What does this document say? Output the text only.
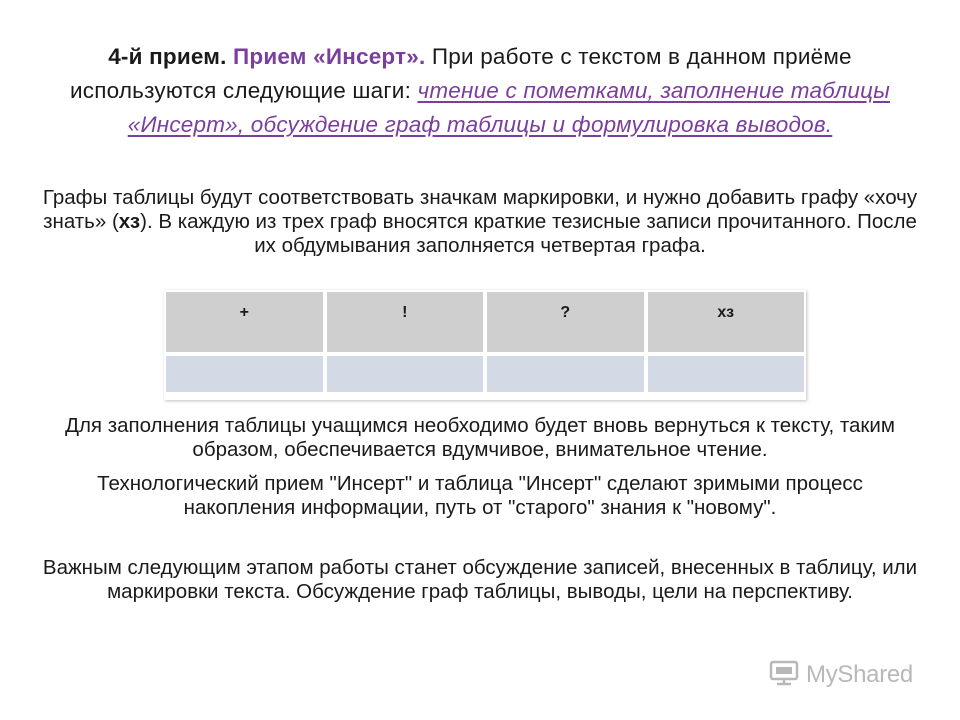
4-й прием. Прием «Инсерт». При работе с текстом в данном приёме используются следующие шаги: чтение с пометками, заполнение таблицы «Инсерт», обсуждение граф таблицы и формулировка выводов.
Графы таблицы будут соответствовать значкам маркировки, и нужно добавить графу «хочу знать» (хз). В каждую из трех граф вносятся краткие тезисные записи прочитанного. После их обдумывания заполняется четвертая графа.
+	!	?	хз

Для заполнения таблицы учащимся необходимо будет вновь вернуться к тексту, таким образом, обеспечивается вдумчивое, внимательное чтение.
Технологический прием "Инсерт" и таблица "Инсерт" сделают зримыми процесс накопления информации, путь от "старого" знания к "новому".
Важным следующим этапом работы станет обсуждение записей, внесенных в таблицу, или маркировки текста. Обсуждение граф таблицы, выводы, цели на перспективу.
MyShared
